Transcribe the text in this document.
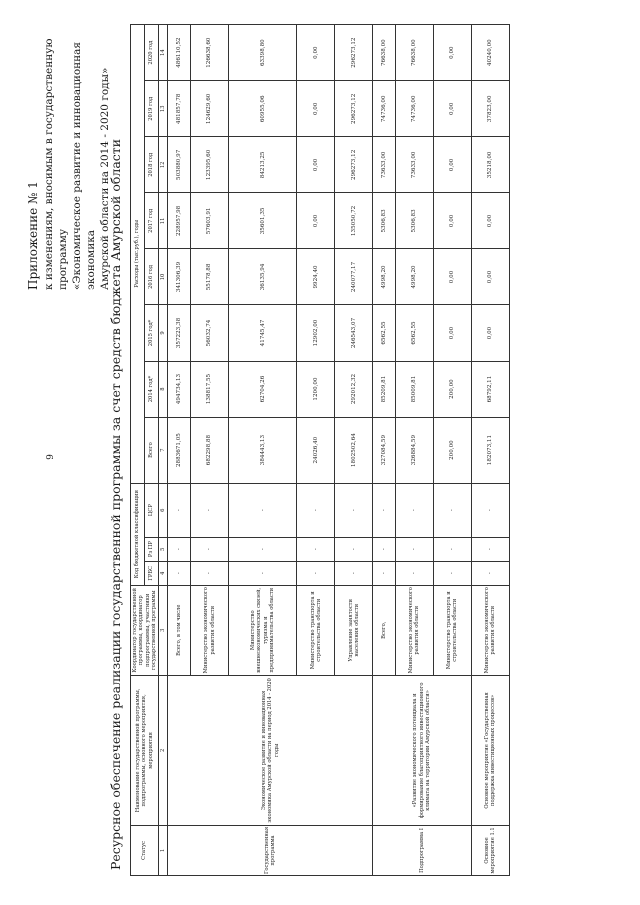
6
Приложение № 1 к изменениям, вносимым в государственную программу «Экономическое развитие и инновационная экономика Амурской области на 2014 - 2020 годы»
Ресурсное обеспечение реализации государственной программы за счет средств бюджета Амурской области	Статус	Наименование государственной программы, подпрограммы, основного мероприятия, мероприятия	Координатор государственной программы, координатор подпрограммы, участники государственной программы	Код бюджетной классификации			Расходы (тыс.руб.), годы							
			ГРБС	Рз ПР	ЦСР	Всего	2014 год*	2015 год*	2016 год	2017 год	2018 год	2019 год	2020 год
1	2	3	4	5	6	7	8	9	10	11	12	13	14
Государственная программа	Экономическое развитие и инновационная экономика Амурской области на период 2014 - 2020 годы	Всего, в том числе	-	-	-	2883671,05	494734,13	357223,38	341306,39	228957,98	503880,97	481857,78	486110,52
		Министерство экономического развития области	-	-	-	682298,88	138817,55	56032,74	55178,88	57603,91	123395,60	124629,60	126638,60
		Министерство внешнеэкономических связей, туризма и предпринимательства области	-	-	-	384443,13	62704,26	41745,47	36135,94	35601,35	84213,25	60955,06	63398,80
		Министерство транспорта и строительства области	-	-	-	24026,40	1200,00	12902,00	9924,40	0,00	0,00	0,00	0,00
		Управление занятости населения области	-	-	-	1802502,64	292012,32	246543,07	240077,17	135050,72	296273,12	296273,12	296273,12
Подпрограмма I	«Развитие экономического потенциала и формирование благоприятного инвестиционного климата на территории Амурской области»	Всего,	-	-	-	327084,59	85209,81	6562,55	4998,20	5306,83	73633,00	74736,00	76638,00
		Министерство экономического развития области	-	-	-	326884,59	85009,81	6562,55	4998,20	5306,83	73633,00	74736,00	76638,00
		Министерство транспорта и строительства области	-	-	-	200,00	200,00	0,00	0,00	0,00	0,00	0,00	0,00
Основное мероприятие 1.1	Основное мероприятие «Государственная поддержка инвестиционных процессов»	Министерство экономического развития области	-	-	-	182073,11	68792,11	0,00	0,00	0,00	35218,00	37823,00	40240,00
